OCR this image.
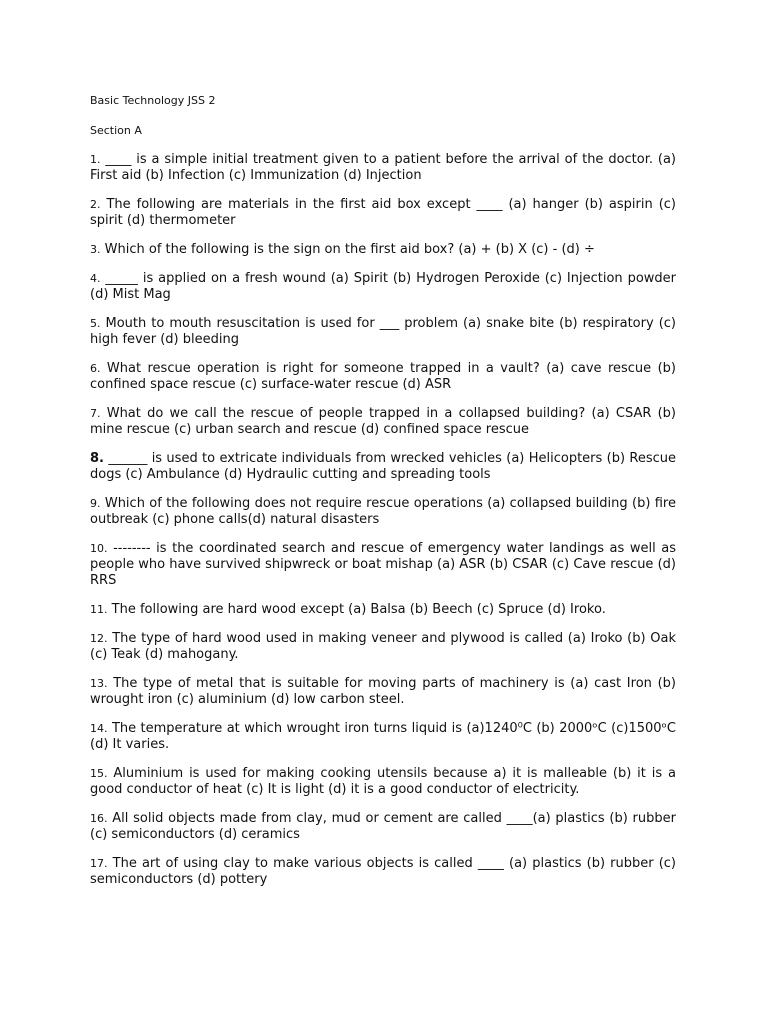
Basic Technology JSS 2
Section A
1. ____ is a simple initial treatment given to a patient before the arrival of the doctor. (a) First aid (b) Infection (c) Immunization (d) Injection
2. The following are materials in the first aid box except ____ (a) hanger (b) aspirin (c) spirit (d) thermometer
3. Which of the following is the sign on the first aid box? (a) + (b) X (c) - (d) ÷
4. _____ is applied on a fresh wound (a) Spirit (b) Hydrogen Peroxide (c) Injection powder (d) Mist Mag
5. Mouth to mouth resuscitation is used for ___ problem (a) snake bite (b) respiratory (c) high fever (d) bleeding
6. What rescue operation is right for someone trapped in a vault? (a) cave rescue (b) confined space rescue (c) surface-water rescue (d) ASR
7. What do we call the rescue of people trapped in a collapsed building? (a) CSAR (b) mine rescue (c) urban search and rescue (d) confined space rescue
8. ______ is used to extricate individuals from wrecked vehicles (a) Helicopters (b) Rescue dogs (c) Ambulance (d) Hydraulic cutting and spreading tools
9. Which of the following does not require rescue operations (a) collapsed building (b) fire outbreak (c) phone calls(d) natural disasters
10. -------- is the coordinated search and rescue of emergency water landings as well as people who have survived shipwreck or boat mishap (a) ASR (b) CSAR (c) Cave rescue (d) RRS
11. The following are hard wood except (a) Balsa (b) Beech (c) Spruce (d) Iroko.
12. The type of hard wood used in making veneer and plywood is called (a) Iroko (b) Oak (c) Teak (d) mahogany.
13. The type of metal that is suitable for moving parts of machinery is (a) cast Iron (b) wrought iron (c) aluminium (d) low carbon steel.
14. The temperature at which wrought iron turns liquid is (a)1240⁰C (b) 2000ᵒC (c)1500ᵒC (d) It varies.
15. Aluminium is used for making cooking utensils because a) it is malleable (b) it is a good conductor of heat (c) It is light (d) it is a good conductor of electricity.
16. All solid objects made from clay, mud or cement are called ____(a) plastics (b) rubber (c) semiconductors (d) ceramics
17. The art of using clay to make various objects is called ____ (a) plastics (b) rubber (c) semiconductors (d) pottery
